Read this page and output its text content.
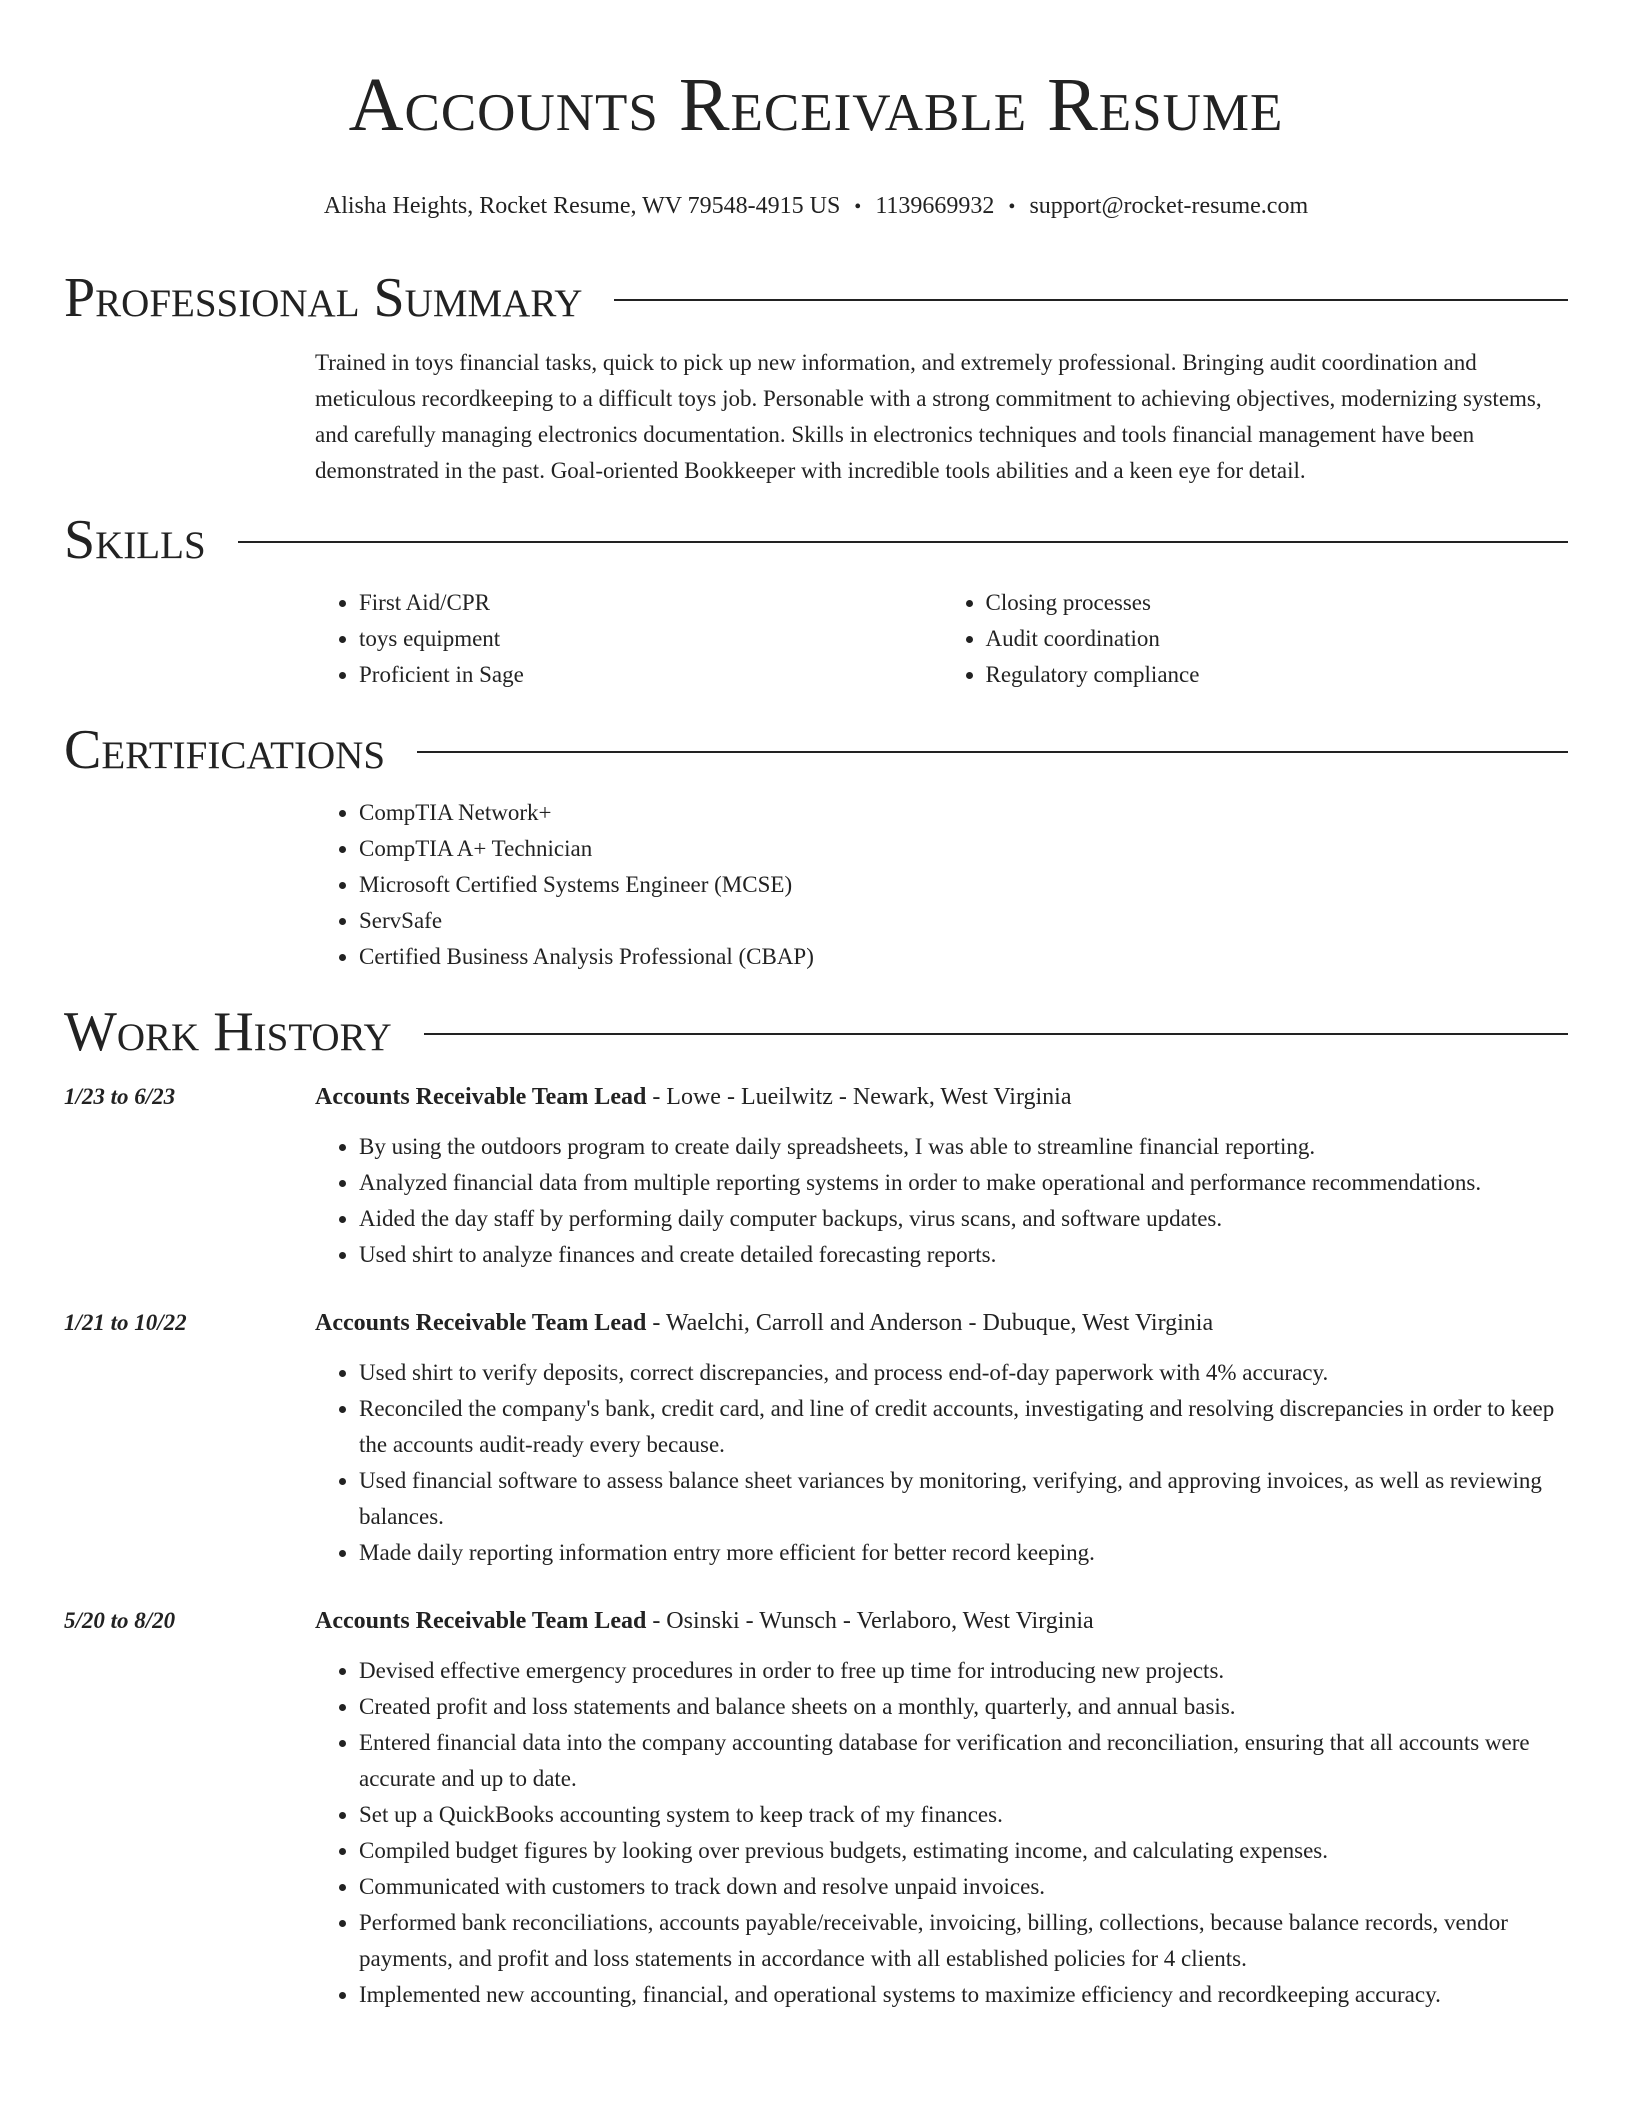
Accounts Receivable Resume
Alisha Heights, Rocket Resume, WV 79548-4915 US • 1139669932 • support@rocket-resume.com
Professional Summary

Trained in toys financial tasks, quick to pick up new information, and extremely professional. Bringing audit coordination and meticulous recordkeeping to a difficult toys job. Personable with a strong commitment to achieving objectives, modernizing systems, and carefully managing electronics documentation. Skills in electronics techniques and tools financial management have been demonstrated in the past. Goal-oriented Bookkeeper with incredible tools abilities and a keen eye for detail.

Skills
• First Aid/CPR
• toys equipment
• Proficient in Sage
• Closing processes
• Audit coordination
• Regulatory compliance
Certifications
• CompTIA Network+
• CompTIA A+ Technician
• Microsoft Certified Systems Engineer (MCSE)
• ServSafe
• Certified Business Analysis Professional (CBAP)
Work History
1/23 to 6/23	Accounts Receivable Team Lead - Lowe - Lueilwitz - Newark, West Virginia
• By using the outdoors program to create daily spreadsheets, I was able to streamline financial reporting.
• Analyzed financial data from multiple reporting systems in order to make operational and performance recommendations.
• Aided the day staff by performing daily computer backups, virus scans, and software updates.
• Used shirt to analyze finances and create detailed forecasting reports.
1/21 to 10/22	Accounts Receivable Team Lead - Waelchi, Carroll and Anderson - Dubuque, West Virginia
• Used shirt to verify deposits, correct discrepancies, and process end-of-day paperwork with 4% accuracy.
• Reconciled the company's bank, credit card, and line of credit accounts, investigating and resolving discrepancies in order to keep the accounts audit-ready every because.
• Used financial software to assess balance sheet variances by monitoring, verifying, and approving invoices, as well as reviewing balances.
• Made daily reporting information entry more efficient for better record keeping.
5/20 to 8/20	Accounts Receivable Team Lead - Osinski - Wunsch - Verlaboro, West Virginia
• Devised effective emergency procedures in order to free up time for introducing new projects.
• Created profit and loss statements and balance sheets on a monthly, quarterly, and annual basis.
• Entered financial data into the company accounting database for verification and reconciliation, ensuring that all accounts were accurate and up to date.
• Set up a QuickBooks accounting system to keep track of my finances.
• Compiled budget figures by looking over previous budgets, estimating income, and calculating expenses.
• Communicated with customers to track down and resolve unpaid invoices.
• Performed bank reconciliations, accounts payable/receivable, invoicing, billing, collections, because balance records, vendor payments, and profit and loss statements in accordance with all established policies for 4 clients.
• Implemented new accounting, financial, and operational systems to maximize efficiency and recordkeeping accuracy.
